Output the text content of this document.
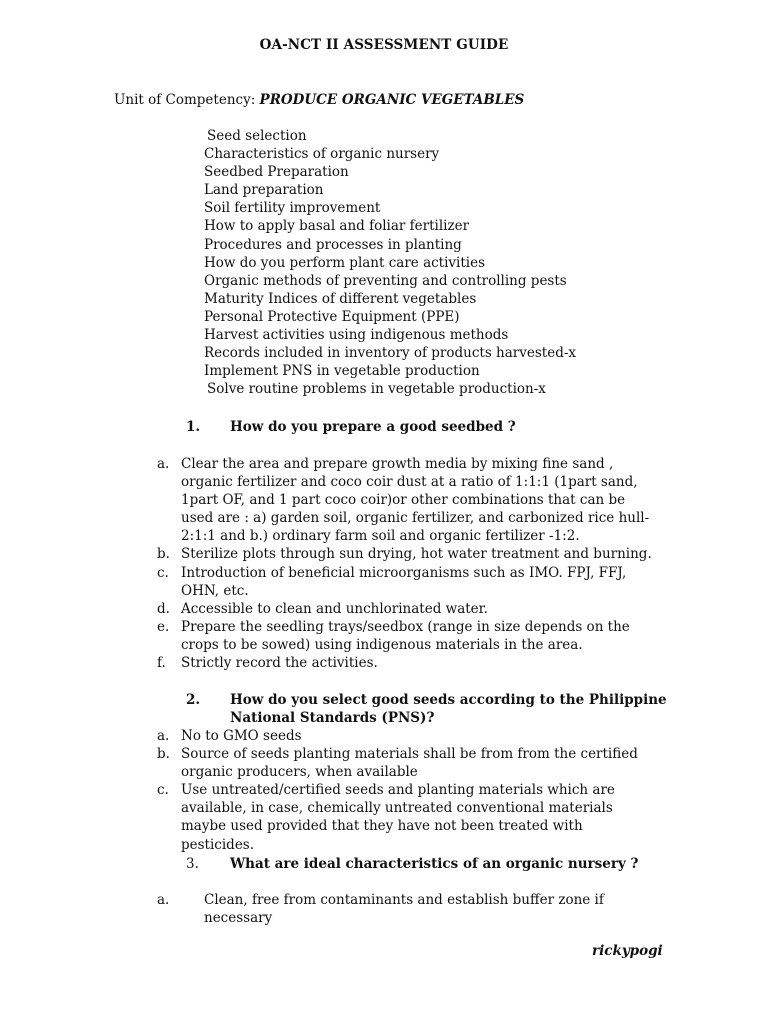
OA-NCT II ASSESSMENT GUIDE
Unit of Competency: PRODUCE ORGANIC VEGETABLES
Seed selection
Characteristics of organic nursery
Seedbed Preparation
Land preparation
Soil fertility improvement
How to apply basal and foliar fertilizer
Procedures and processes in planting
How do you perform plant care activities
Organic methods of preventing and controlling pests
Maturity Indices of different vegetables
Personal Protective Equipment (PPE)
Harvest activities using indigenous methods
Records included in inventory of products harvested-x
Implement PNS in vegetable production
Solve routine problems in vegetable production-x
1. How do you prepare a good seedbed ?
a. Clear the area and prepare growth media by mixing fine sand , organic fertilizer and coco coir dust at a ratio of 1:1:1 (1part sand, 1part OF, and 1 part coco coir)or other combinations that can be used are : a) garden soil, organic fertilizer, and carbonized rice hull- 2:1:1 and b.) ordinary farm soil and organic fertilizer -1:2.
b. Sterilize plots through sun drying, hot water treatment and burning.
c. Introduction of beneficial microorganisms such as IMO. FPJ, FFJ, OHN, etc.
d. Accessible to clean and unchlorinated water.
e. Prepare the seedling trays/seedbox (range in size depends on the crops to be sowed) using indigenous materials in the area.
f. Strictly record the activities.
2. How do you select good seeds according to the Philippine National Standards (PNS)?
a. No to GMO seeds
b. Source of seeds planting materials shall be from from the certified organic producers, when available
c. Use untreated/certified seeds and planting materials which are available, in case, chemically untreated conventional materials maybe used provided that they have not been treated with pesticides.
3. What are ideal characteristics of an organic nursery ?
a.	Clean, free from contaminants and establish buffer zone if necessary
rickypogi
